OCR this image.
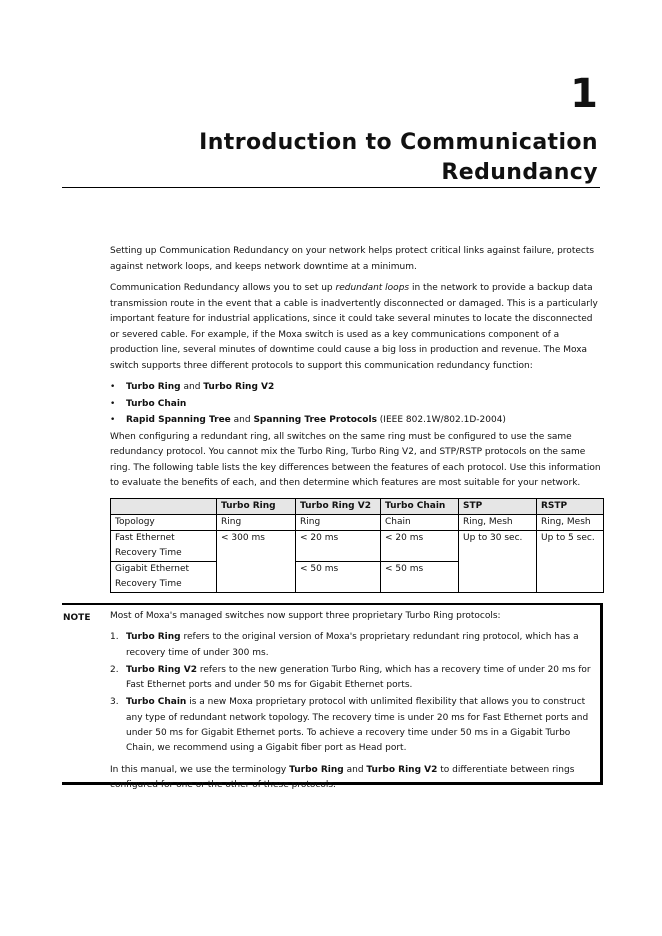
1
Introduction to Communication Redundancy

Setting up Communication Redundancy on your network helps protect critical links against failure, protects against network loops, and keeps network downtime at a minimum.

Communication Redundancy allows you to set up redundant loops in the network to provide a backup data transmission route in the event that a cable is inadvertently disconnected or damaged. This is a particularly important feature for industrial applications, since it could take several minutes to locate the disconnected or severed cable. For example, if the Moxa switch is used as a key communications component of a production line, several minutes of downtime could cause a big loss in production and revenue. The Moxa switch supports three different protocols to support this communication redundancy function:

• Turbo Ring and Turbo Ring V2
• Turbo Chain
• Rapid Spanning Tree and Spanning Tree Protocols (IEEE 802.1W/802.1D-2004)

When configuring a redundant ring, all switches on the same ring must be configured to use the same redundancy protocol. You cannot mix the Turbo Ring, Turbo Ring V2, and STP/RSTP protocols on the same ring. The following table lists the key differences between the features of each protocol. Use this information to evaluate the benefits of each, and then determine which features are most suitable for your network.

	Turbo Ring	Turbo Ring V2	Turbo Chain	STP	RSTP
Topology	Ring	Ring	Chain	Ring, Mesh	Ring, Mesh
Fast Ethernet Recovery Time	< 300 ms	< 20 ms	< 20 ms	Up to 30 sec.	Up to 5 sec.
Gigabit Ethernet Recovery Time		< 50 ms	< 50 ms		
NOTE Most of Moxa's managed switches now support three proprietary Turbo Ring protocols:

1. Turbo Ring refers to the original version of Moxa's proprietary redundant ring protocol, which has a recovery time of under 300 ms.
2. Turbo Ring V2 refers to the new generation Turbo Ring, which has a recovery time of under 20 ms for Fast Ethernet ports and under 50 ms for Gigabit Ethernet ports.
3. Turbo Chain is a new Moxa proprietary protocol with unlimited flexibility that allows you to construct any type of redundant network topology. The recovery time is under 20 ms for Fast Ethernet ports and under 50 ms for Gigabit Ethernet ports. To achieve a recovery time under 50 ms in a Gigabit Turbo Chain, we recommend using a Gigabit fiber port as Head port.

In this manual, we use the terminology Turbo Ring and Turbo Ring V2 to differentiate between rings configured for one or the other of these protocols.
